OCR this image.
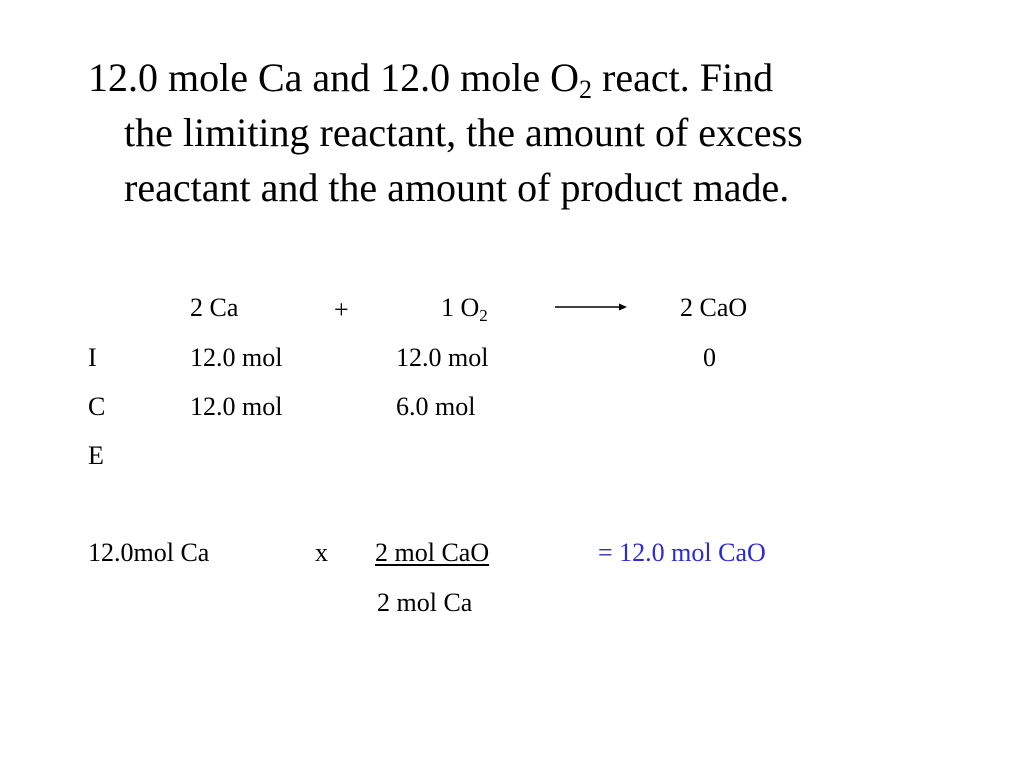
12.0 mole Ca and 12.0 mole $O_2$ react. Find
the limiting reactant, the amount of excess
reactant and the amount of product made.
2 Ca	+	1 $O_2$	2 CaO
I	12.0 mol	12.0 mol	0
C	12.0 mol	6.0 mol
E
12.0mol Ca	x 2 mol CaO	= 12.0 mol CaO
2 mol Ca
